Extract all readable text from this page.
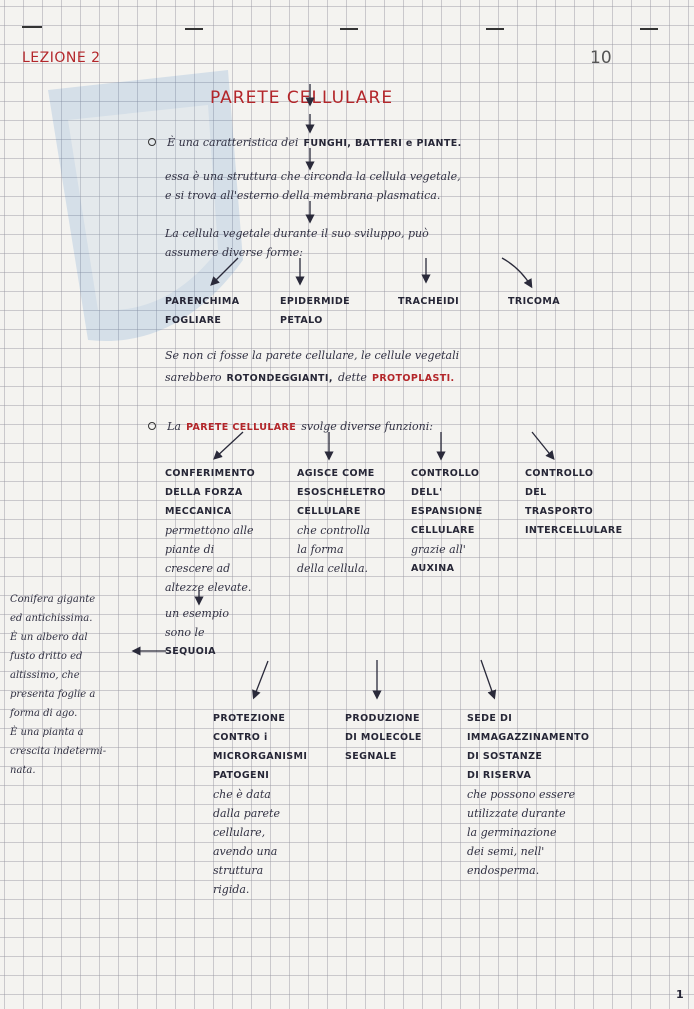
LEZIONE 2	10
PARETE CELLULARE
È una caratteristica dei FUNGHI, BATTERI e PIANTE.
essa è una struttura che circonda la cellula vegetale,
e si trova all'esterno della membrana plasmatica.
La cellula vegetale durante il suo sviluppo, può
assumere diverse forme:
PARENCHIMA
FOGLIARE
EPIDERMIDE
PETALO
TRACHEIDI	TRICOMA
Se non ci fosse la parete cellulare, le cellule vegetali
sarebbero ROTONDEGGIANTI, dette PROTOPLASTI.
La PARETE CELLULARE svolge diverse funzioni:
CONFERIMENTO
DELLA FORZA
MECCANICA
permettono alle
piante di
crescere ad
altezze elevate.
AGISCE COME
ESOSCHELETRO
CELLULARE
che controlla
la forma
della cellula.
CONTROLLO
DELL'
ESPANSIONE
CELLULARE
grazie all'
AUXINA
CONTROLLO
DEL
TRASPORTO
INTERCELLULARE
un esempio
sono le
SEQUOIA
Conifera gigante
ed antichissima.
È un albero dal
fusto dritto ed
altissimo, che
presenta foglie a
forma di ago.
È una pianta a
crescita indetermi-
nata.
PROTEZIONE
CONTRO i
MICRORGANISMI
PATOGENI
che è data
dalla parete
cellulare,
avendo una
struttura
rigida.
PRODUZIONE
DI MOLECOLE
SEGNALE
SEDE DI
IMMAGAZZINAMENTO
DI SOSTANZE
DI RISERVA
che possono essere
utilizzate durante
la germinazione
dei semi, nell'
endosperma.
1
